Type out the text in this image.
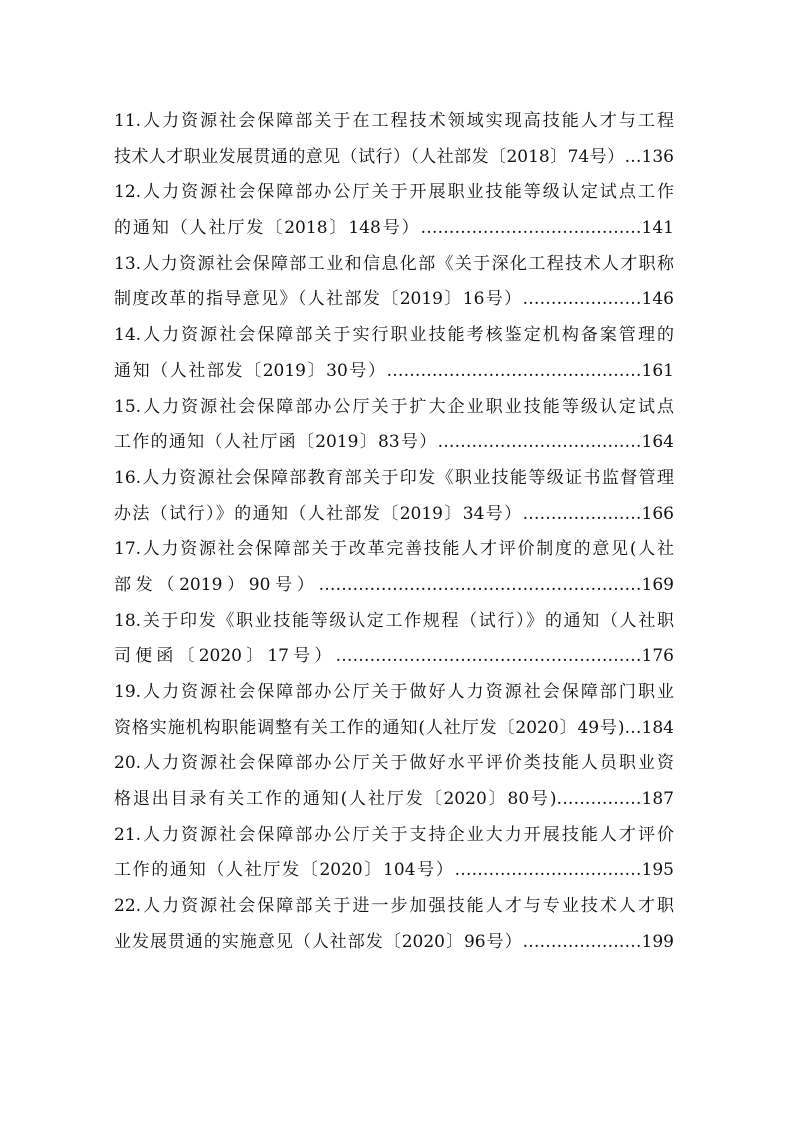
11.人力资源社会保障部关于在工程技术领域实现高技能人才与工程
技术人才职业发展贯通的意见（试行）（人社部发〔2018〕74号）…136
12.人力资源社会保障部办公厅关于开展职业技能等级认定试点工作
的通知（人社厅发〔2018〕148号）…………………………………141
13.人力资源社会保障部工业和信息化部《关于深化工程技术人才职称
制度改革的指导意见》（人社部发〔2019〕16号）…………………146
14.人力资源社会保障部关于实行职业技能考核鉴定机构备案管理的
通知（人社部发〔2019〕30号）………………………………………161
15.人力资源社会保障部办公厅关于扩大企业职业技能等级认定试点
工作的通知（人社厅函〔2019〕83号）………………………………164
16.人力资源社会保障部教育部关于印发《职业技能等级证书监督管理
办法（试行）》的通知（人社部发〔2019〕34号）…………………166
17.人力资源社会保障部关于改革完善技能人才评价制度的意见(人社
部发（2019）90号）…………………………………………………169
18.关于印发《职业技能等级认定工作规程（试行）》的通知（人社职
司便函〔2020〕17号）………………………………………………176
19.人力资源社会保障部办公厅关于做好人力资源社会保障部门职业
资格实施机构职能调整有关工作的通知(人社厅发〔2020〕49号)…184
20.人力资源社会保障部办公厅关于做好水平评价类技能人员职业资
格退出目录有关工作的通知(人社厅发〔2020〕80号)……………187
21.人力资源社会保障部办公厅关于支持企业大力开展技能人才评价
工作的通知（人社厅发〔2020〕104号）……………………………195
22.人力资源社会保障部关于进一步加强技能人才与专业技术人才职
业发展贯通的实施意见（人社部发〔2020〕96号）…………………199
